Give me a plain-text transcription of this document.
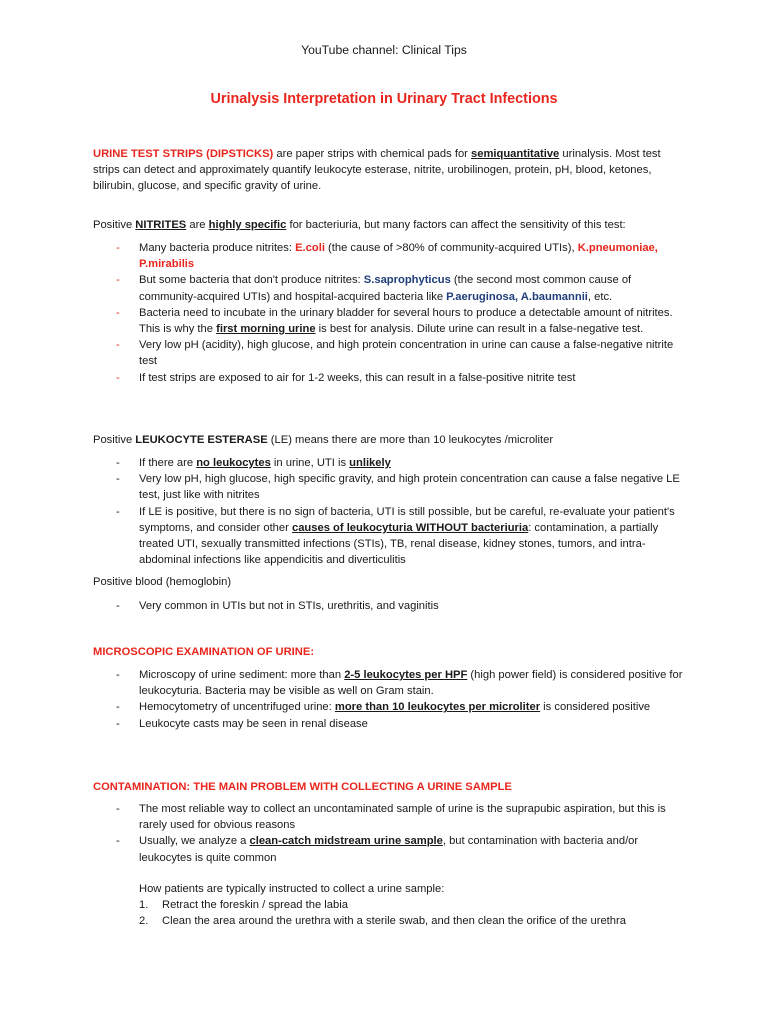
YouTube channel: Clinical Tips

Urinalysis Interpretation in Urinary Tract Infections

URINE TEST STRIPS (DIPSTICKS) are paper strips with chemical pads for semiquantitative urinalysis. Most test strips can detect and approximately quantify leukocyte esterase, nitrite, urobilinogen, protein, pH, blood, ketones, bilirubin, glucose, and specific gravity of urine.

Positive NITRITES are highly specific for bacteriuria, but many factors can affect the sensitivity of this test:

- Many bacteria produce nitrites: E.coli (the cause of >80% of community-acquired UTIs), K.pneumoniae, P.mirabilis
- But some bacteria that don't produce nitrites: S.saprophyticus (the second most common cause of community-acquired UTIs) and hospital-acquired bacteria like P.aeruginosa, A.baumannii, etc.
- Bacteria need to incubate in the urinary bladder for several hours to produce a detectable amount of nitrites. This is why the first morning urine is best for analysis. Dilute urine can result in a false-negative test.
- Very low pH (acidity), high glucose, and high protein concentration in urine can cause a false-negative nitrite test
- If test strips are exposed to air for 1-2 weeks, this can result in a false-positive nitrite test

Positive LEUKOCYTE ESTERASE (LE) means there are more than 10 leukocytes /microliter

- If there are no leukocytes in urine, UTI is unlikely
- Very low pH, high glucose, high specific gravity, and high protein concentration can cause a false negative LE test, just like with nitrites
- If LE is positive, but there is no sign of bacteria, UTI is still possible, but be careful, re-evaluate your patient's symptoms, and consider other causes of leukocyturia WITHOUT bacteriuria: contamination, a partially treated UTI, sexually transmitted infections (STIs), TB, renal disease, kidney stones, tumors, and intra-abdominal infections like appendicitis and diverticulitis

Positive blood (hemoglobin)

- Very common in UTIs but not in STIs, urethritis, and vaginitis

MICROSCOPIC EXAMINATION OF URINE:

- Microscopy of urine sediment: more than 2-5 leukocytes per HPF (high power field) is considered positive for leukocyturia. Bacteria may be visible as well on Gram stain.
- Hemocytometry of uncentrifuged urine: more than 10 leukocytes per microliter is considered positive
- Leukocyte casts may be seen in renal disease

CONTAMINATION: THE MAIN PROBLEM WITH COLLECTING A URINE SAMPLE

- The most reliable way to collect an uncontaminated sample of urine is the suprapubic aspiration, but this is rarely used for obvious reasons
- Usually, we analyze a clean-catch midstream urine sample, but contamination with bacteria and/or leukocytes is quite common

How patients are typically instructed to collect a urine sample:

1. Retract the foreskin / spread the labia
2. Clean the area around the urethra with a sterile swab, and then clean the orifice of the urethra
